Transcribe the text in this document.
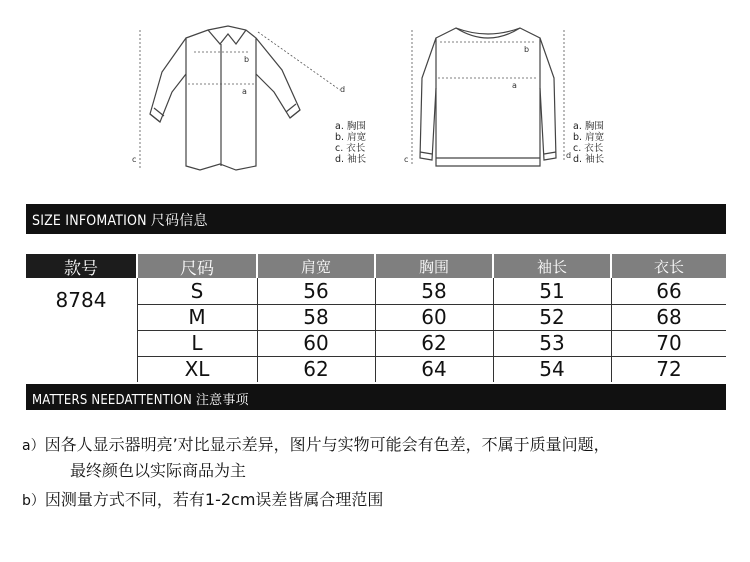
b
a
c
d
a. 胸围
b. 肩宽
c. 衣长
d. 袖长
b
a
c	d
a. 胸围
b. 肩宽
c. 衣长
d. 袖长
SIZE INFOMATION 尺码信息
款号	尺码	肩宽	胸围	袖长	衣长
8784	S	56	58	51	66
M	58	60	52	68
L	60	62	53	70
XL	62	64	54	72
MATTERS NEEDATTENTION 注意事项
a）因各人显示器明亮’对比显示差异，图片与实物可能会有色差，不属于质量问题，
最终颜色以实际商品为主
b）因测量方式不同，若有1-2cm误差皆属合理范围
